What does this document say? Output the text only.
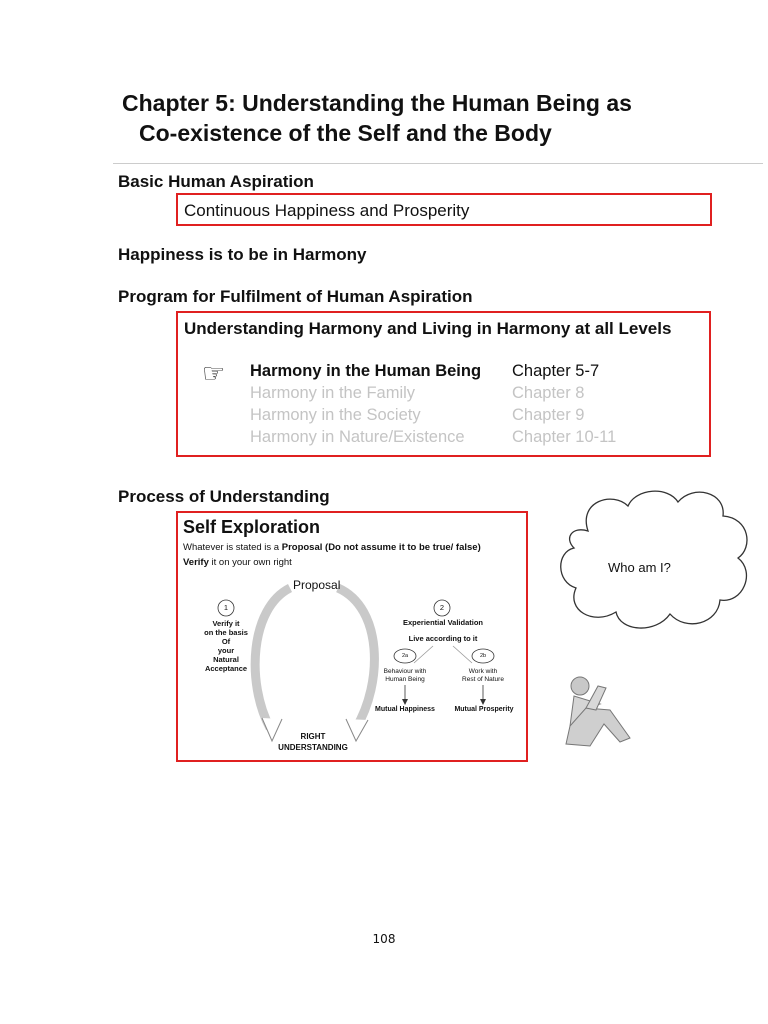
Chapter 5: Understanding the Human Being as
Co-existence of the Self and the Body
Basic Human Aspiration
Continuous Happiness and Prosperity
Happiness is to be in Harmony
Program for Fulfilment of Human Aspiration
Understanding Harmony and Living in Harmony at all Levels
☞ Harmony in the Human Being Chapter 5-7
Harmony in the Family	Chapter 8
Harmony in the Society	Chapter 9
Harmony in Nature/Existence	Chapter 10-11
Process of Understanding
Self Exploration
Whatever is stated is a Proposal (Do not assume it to be true/ false)
Verify it on your own right
Proposal
1
Verify it
on the basis
Of
your
Natural
Acceptance
2
Experiential Validation
Live according to it
2a	2b
Behaviour with
Human Being
Work with
Rest of Nature
Mutual Happiness	Mutual Prosperity
RIGHT
UNDERSTANDING
Who am I?
108
